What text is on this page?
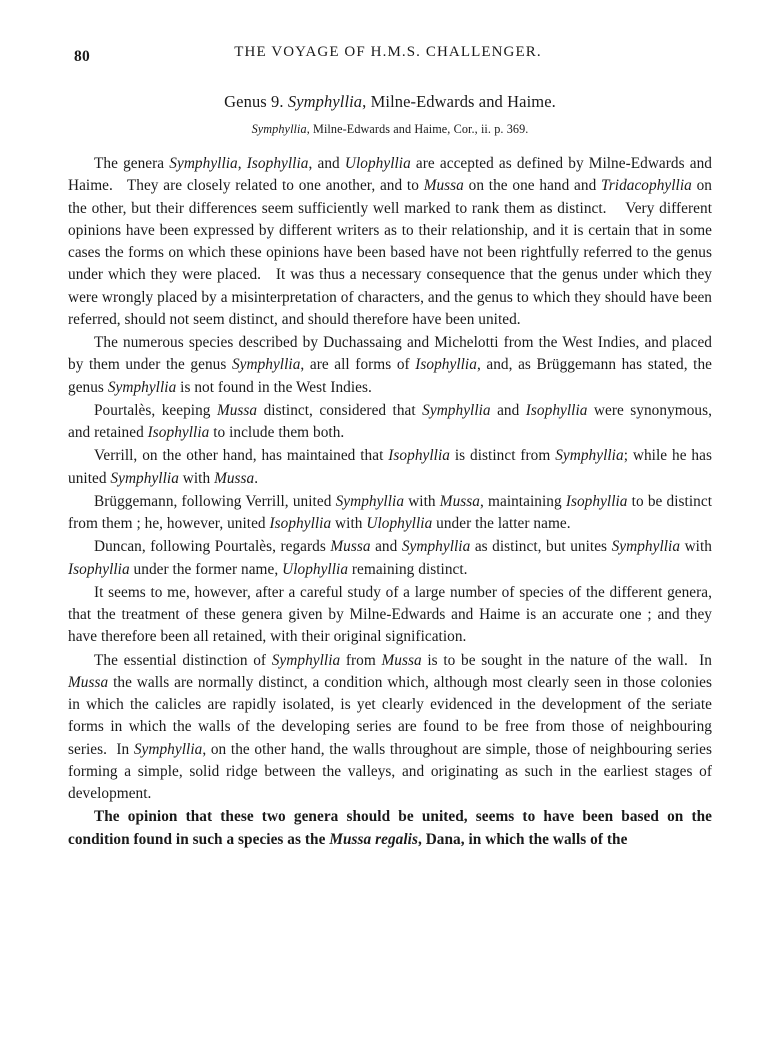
80	THE VOYAGE OF H.M.S. CHALLENGER.
Genus 9. Symphyllia, Milne-Edwards and Haime.
Symphyllia, Milne-Edwards and Haime, Cor., ii. p. 369.

The genera Symphyllia, Isophyllia, and Ulophyllia are accepted as defined by Milne-Edwards and Haime.   They are closely related to one another, and to Mussa on the one hand and Tridacophyllia on the other, but their differences seem sufficiently well marked to rank them as distinct.    Very different opinions have been expressed by different writers as to their relationship, and it is certain that in some cases the forms on which these opinions have been based have not been rightfully referred to the genus under which they were placed.   It was thus a necessary consequence that the genus under which they were wrongly placed by a misinterpretation of characters, and the genus to which they should have been referred, should not seem distinct, and should therefore have been united.

The numerous species described by Duchassaing and Michelotti from the West Indies, and placed by them under the genus Symphyllia, are all forms of Isophyllia, and, as Brüggemann has stated, the genus Symphyllia is not found in the West Indies.

Pourtalès, keeping Mussa distinct, considered that Symphyllia and Isophyllia were synonymous, and retained Isophyllia to include them both.

Verrill, on the other hand, has maintained that Isophyllia is distinct from Symphyllia; while he has united Symphyllia with Mussa.

Brüggemann, following Verrill, united Symphyllia with Mussa, maintaining Isophyllia to be distinct from them ; he, however, united Isophyllia with Ulophyllia under the latter name.

Duncan, following Pourtalès, regards Mussa and Symphyllia as distinct, but unites Symphyllia with Isophyllia under the former name, Ulophyllia remaining distinct.

It seems to me, however, after a careful study of a large number of species of the different genera, that the treatment of these genera given by Milne-Edwards and Haime is an accurate one ; and they have therefore been all retained, with their original signification.

The essential distinction of Symphyllia from Mussa is to be sought in the nature of the wall.  In Mussa the walls are normally distinct, a condition which, although most clearly seen in those colonies in which the calicles are rapidly isolated, is yet clearly evidenced in the development of the seriate forms in which the walls of the developing series are found to be free from those of neighbouring series.  In Symphyllia, on the other hand, the walls throughout are simple, those of neighbouring series forming a simple, solid ridge between the valleys, and originating as such in the earliest stages of development.

The opinion that these two genera should be united, seems to have been based on the condition found in such a species as the Mussa regalis, Dana, in which the walls of the
